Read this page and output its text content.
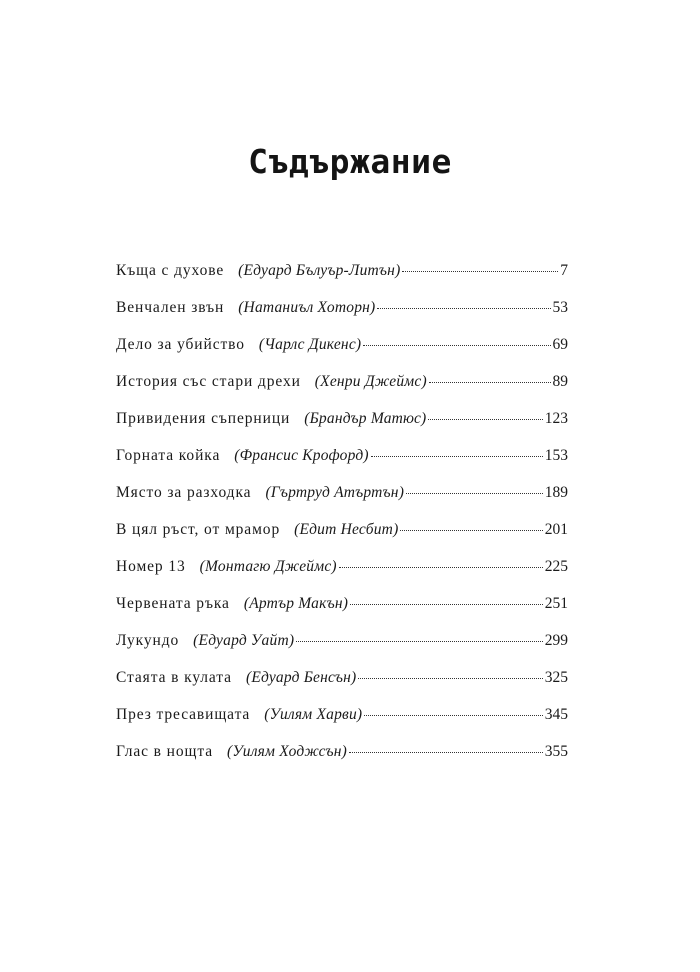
Съдържание
Къща с духове (Едуард Бълуър-Литън)	7
Венчален звън (Натаниъл Хоторн)	53
Дело за убийство (Чарлс Дикенс)	69
История със стари дрехи (Хенри Джеймс)	89
Привидения съперници (Брандър Матюс)	123
Горната койка (Франсис Крофорд)	153
Място за разходка (Гъртруд Атъртън)	189
В цял ръст, от мрамор (Едит Несбит)	201
Номер 13 (Монтагю Джеймс)	225
Червената ръка (Артър Макън)	251
Лукундо (Едуард Уайт)	299
Стаята в кулата (Едуард Бенсън)	325
През тресавищата (Уилям Харви)	345
Глас в нощта (Уилям Ходжсън)	355
